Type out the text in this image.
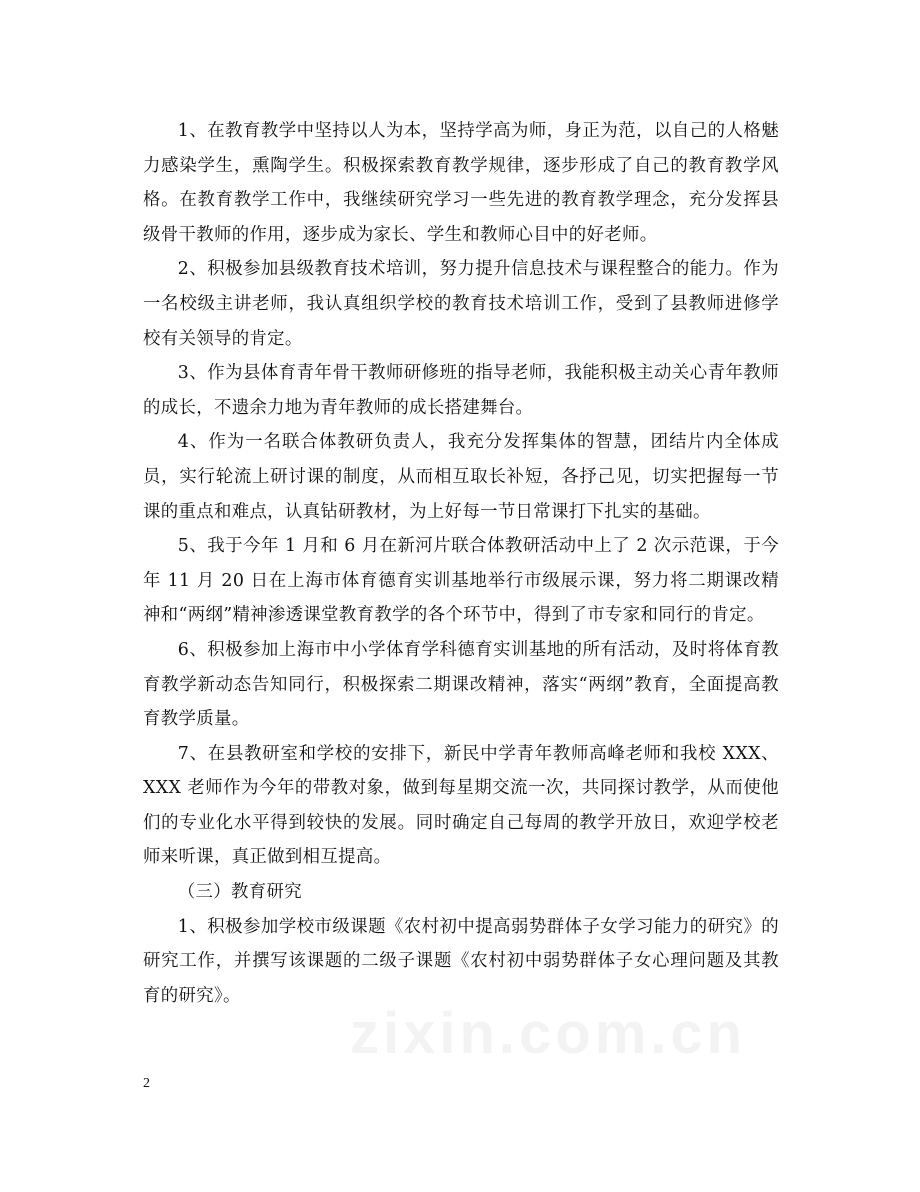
1、在教育教学中坚持以人为本，坚持学高为师，身正为范，以自己的人格魅力感染学生，熏陶学生。积极探索教育教学规律，逐步形成了自己的教育教学风格。在教育教学工作中，我继续研究学习一些先进的教育教学理念，充分发挥县级骨干教师的作用，逐步成为家长、学生和教师心目中的好老师。

2、积极参加县级教育技术培训，努力提升信息技术与课程整合的能力。作为一名校级主讲老师，我认真组织学校的教育技术培训工作，受到了县教师进修学校有关领导的肯定。

3、作为县体育青年骨干教师研修班的指导老师，我能积极主动关心青年教师的成长，不遗余力地为青年教师的成长搭建舞台。

4、作为一名联合体教研负责人，我充分发挥集体的智慧，团结片内全体成员，实行轮流上研讨课的制度，从而相互取长补短，各抒己见，切实把握每一节课的重点和难点，认真钻研教材，为上好每一节日常课打下扎实的基础。

5、我于今年 1 月和 6 月在新河片联合体教研活动中上了 2 次示范课，于今年 11 月 20 日在上海市体育德育实训基地举行市级展示课，努力将二期课改精神和“两纲”精神渗透课堂教育教学的各个环节中，得到了市专家和同行的肯定。

6、积极参加上海市中小学体育学科德育实训基地的所有活动，及时将体育教育教学新动态告知同行，积极探索二期课改精神，落实“两纲”教育，全面提高教育教学质量。

7、在县教研室和学校的安排下，新民中学青年教师高峰老师和我校 XXX、XXX 老师作为今年的带教对象，做到每星期交流一次，共同探讨教学，从而使他们的专业化水平得到较快的发展。同时确定自己每周的教学开放日，欢迎学校老师来听课，真正做到相互提高。

（三）教育研究

1、积极参加学校市级课题《农村初中提高弱势群体子女学习能力的研究》的研究工作，并撰写该课题的二级子课题《农村初中弱势群体子女心理问题及其教育的研究》。

zixin.com.cn
2
